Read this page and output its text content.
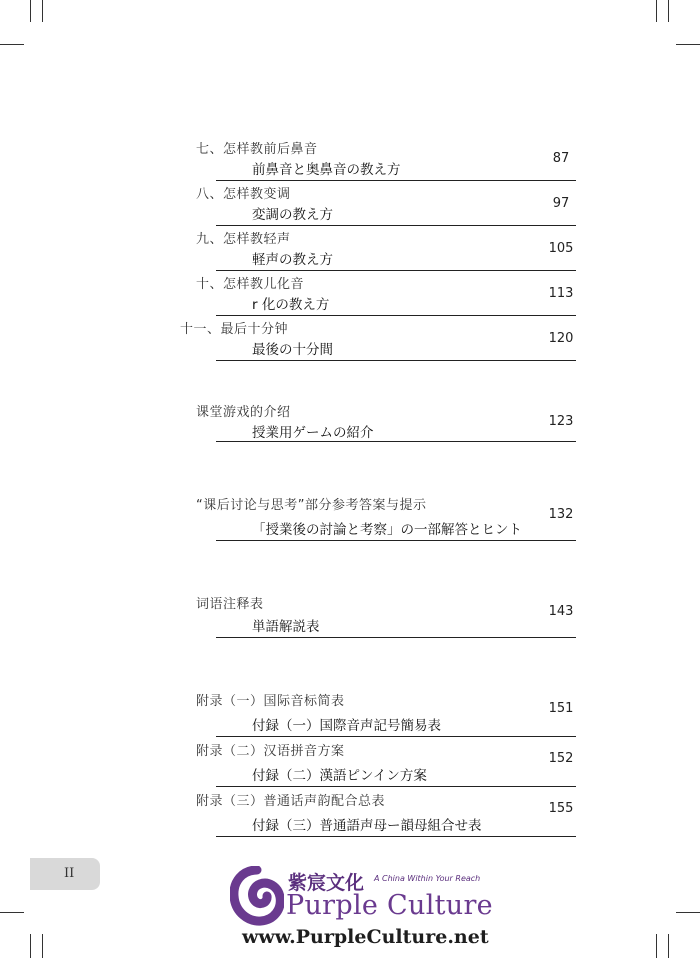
七、怎样教前后鼻音
前鼻音と奥鼻音の教え方
87
八、怎样教变调
変調の教え方
97
九、怎样教轻声
軽声の教え方
105
十、怎样教儿化音
r 化の教え方
113
十一、最后十分钟
最後の十分間
120
课堂游戏的介绍
授業用ゲームの紹介
123
“课后讨论与思考”部分参考答案与提示
「授業後の討論と考察」の一部解答とヒント
132
词语注释表
単語解説表
143
附录（一）国际音标简表
付録（一）国際音声記号簡易表
151
附录（二）汉语拼音方案
付録（二）漢語ピンイン方案
152
附录（三）普通话声韵配合总表
付録（三）普通語声母ー韻母組合せ表
155
II	紫宸文化 A China Within Your Reach
Purple Culture
www.PurpleCulture.net
